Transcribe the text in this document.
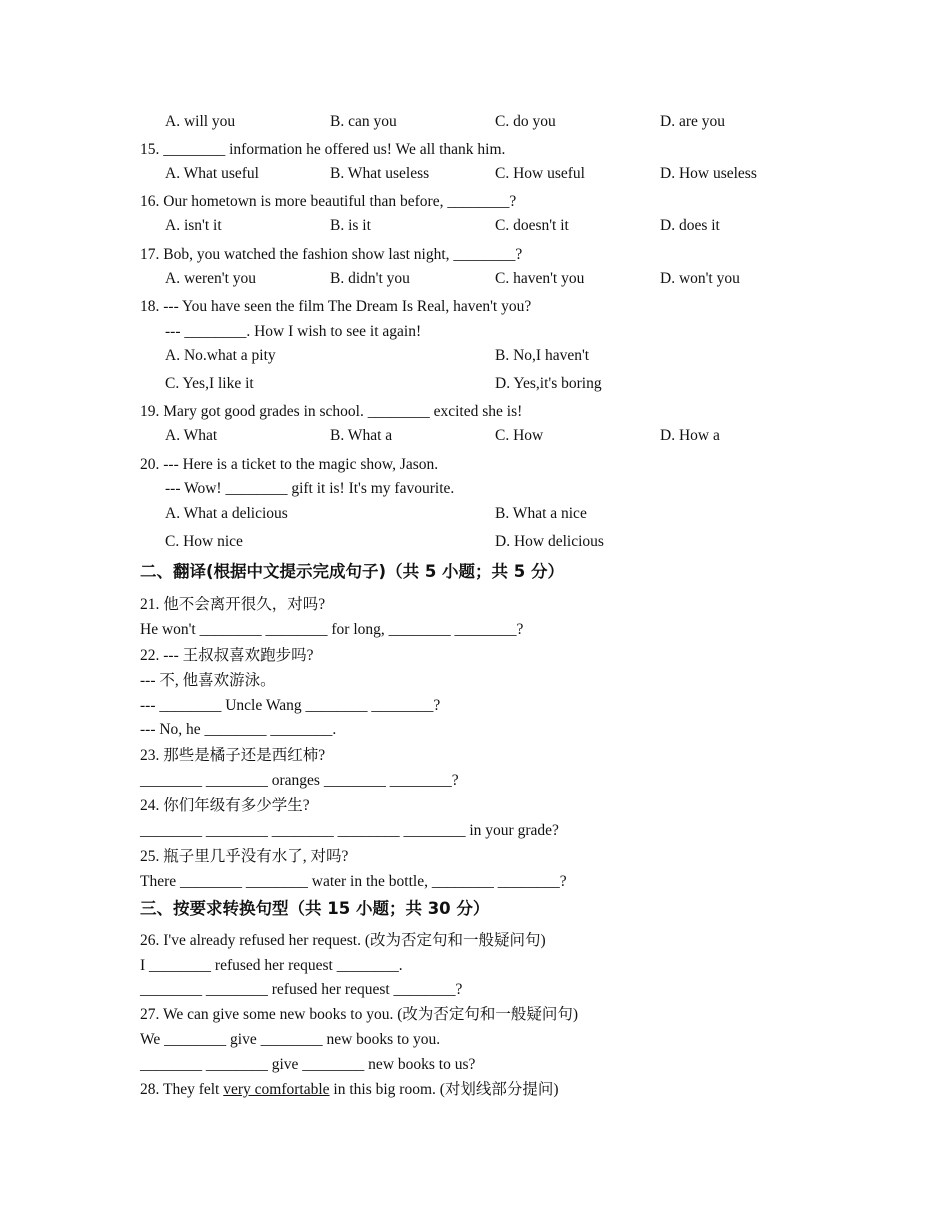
A. will you	B. can you	C. do you	D. are you
15. ________ information he offered us! We all thank him.
A. What useful	B. What useless	C. How useful	D. How useless
16. Our hometown is more beautiful than before, ________?
A. isn't it	B. is it	C. doesn't it	D. does it
17. Bob, you watched the fashion show last night, ________?
A. weren't you	B. didn't you	C. haven't you	D. won't you
18. --- You have seen the film The Dream Is Real, haven't you?
--- ________. How I wish to see it again!
A. No.what a pity	B. No,I haven't
C. Yes,I like it	D. Yes,it's boring
19. Mary got good grades in school. ________ excited she is!
A. What	B. What a	C. How	D. How a
20. --- Here is a ticket to the magic show, Jason.
--- Wow! ________ gift it is! It's my favourite.
A. What a delicious	B. What a nice
C. How nice	D. How delicious
二、翻译(根据中文提示完成句子)（共 5 小题；共 5 分）
21. 他不会离开很久，对吗?
He won't ________ ________ for long, ________ ________?
22. --- 王叔叔喜欢跑步吗?
--- 不, 他喜欢游泳。
--- ________ Uncle Wang ________ ________?
--- No, he ________ ________.
23. 那些是橘子还是西红柿?
________ ________ oranges ________ ________?
24. 你们年级有多少学生?
________ ________ ________ ________ ________ in your grade?
25. 瓶子里几乎没有水了, 对吗?
There ________ ________ water in the bottle, ________ ________?
三、按要求转换句型（共 15 小题；共 30 分）
26. I've already refused her request. (改为否定句和一般疑问句)
I ________ refused her request ________.
________ ________ refused her request ________?
27. We can give some new books to you. (改为否定句和一般疑问句)
We ________ give ________ new books to you.
________ ________ give ________ new books to us?
28. They felt very comfortable in this big room. (对划线部分提问)
